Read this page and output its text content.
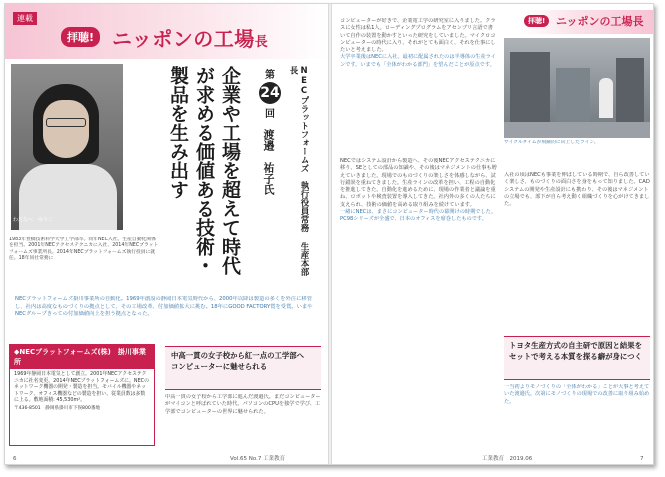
連載
拝聴! ニッポンの工場長
わたなべ　ゆうこ
第
24
回	NECプラットフォームズ　執行役員常務 生産本部長
渡邉　祐子氏
企業や工場を超えて時代が求める価値ある技術・製品を生み出す

1983年豊橋技術科学大学工学部卒。同年NEC入社。生産自動化関係を担当。2001年NECアクセステクニカに入社、2014年NECプラットフォームズ事業所長。2014年NECプラットフォームズ執行役員に就任。18年同社常務に

NECプラットフォームズ掛川事業所の自動化。1969年創設の静岡日本電気時代から、2000年以降は製造の多くを外注に移管し、社内は高度なものづくりの拠点として、その工場改革、付加価値拡大に挑む。18年にGOOD FACTORY賞を受賞。いまやNECグループきっての付加価値向上を担う拠点となった。

◆NECプラットフォームズ(株)　掛川事業所

1969年静岡日本電気として創立。2001年NECアクセステクニカに社名変更。2014年NECプラットフォームズに。NECのネットワーク機器の開発・製造を担当。モバイル機器やネットワーク、オフィス機器などの製造を担い、従業員数は多数に上る。敷地面積: 45,530m²。

〒436-8501　静岡県掛川市下俣800番地

中高一貫の女子校から紅一点の工学部へ　コンピューターに魅せられる

中高一貫の女子校から工学部に進んだ渡邉氏。まだコンピューターがマイコンと呼ばれていた時代。パソコンのCPUを独学で学び、工学部でコンピューターの世界に魅せられた。

6	Vol.65 No.7 工業教育
拝聴! ニッポンの工場長

コンピューターが好きで、企業電工学の研究室に入りました。クラスに女性は私1人。ローディングプログラムをアセンブリ言語で書いて自作の装置を動かすといった研究をしていました。マイクロコンピューターの時代に入り、それがとても面白く、それを仕事にしたいと考えました。
大学卒業後はNECに入社。最初に配属されたのは半導体の生産ラインです。いまでも「全体がわかる部門」を望んだことが原点です。

NECではシステム設計から製造へ、その後NECアクセステクニカに移り、SEとしての部品の知識や、その後はマネジメントの仕事も増えていきました。現場でのものづくりの楽しさを体感しながら、試行錯誤を重ねてきました。生産ラインの改革を担い、工程の自動化を推進してきた。自動化を進めるために、現場の作業者と議論を重ね、ロボットや検査装置を導入してきた。社内外の多くの人たちに支えられ、技術の価値を高める取り組みを続けています。
一緒にNECは、まさにコンピューター時代の幕開けの時期でした。PC98シリーズが全盛で、日本のオフィスを席巻したものです。

サイクルタイムが飛躍的に向上したライン。

入社の頃はNECも事業を伸ばしている時期で、自ら改善していく楽しさ、ものづくりの面白さを身をもって知りました。CADシステムの開発や生産設計にも携わり、その後はマネジメントの立場でも、部下が自ら考え動く組織づくりを心がけてきました。

トヨタ生産方式の自主研で原因と結果をセットで考える本質を探る癖が身につく

一当初よりモノづくりの「全体がわかる」ことが大事と考えていた渡邉氏。次第にモノづくりの現場での改善に取り組み始めた。

工業教育　2019.06	7
